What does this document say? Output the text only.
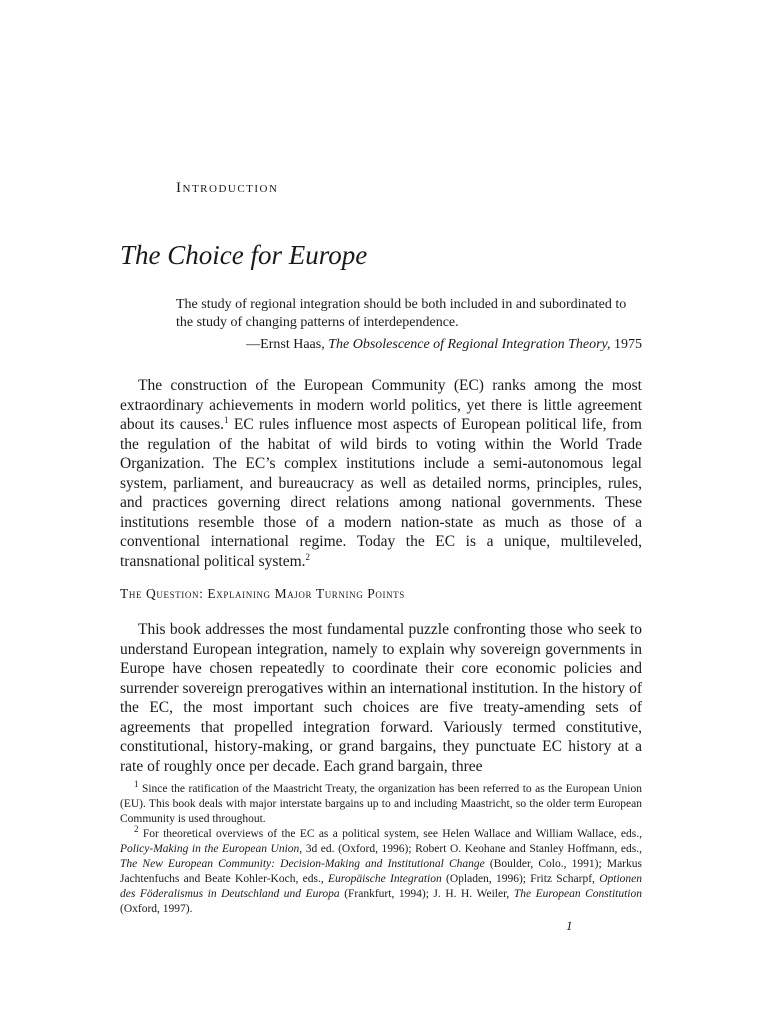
Introduction
The Choice for Europe
The study of regional integration should be both included in and subordinated to the study of changing patterns of interdependence.
—Ernst Haas, The Obsolescence of Regional Integration Theory, 1975
The construction of the European Community (EC) ranks among the most extraordinary achievements in modern world politics, yet there is little agreement about its causes.$^1$ EC rules influence most aspects of European political life, from the regulation of the habitat of wild birds to voting within the World Trade Organization. The EC’s complex institutions include a semi-autonomous legal system, parliament, and bureaucracy as well as detailed norms, principles, rules, and practices governing direct relations among national governments. These institutions resemble those of a modern nation-state as much as those of a conventional international regime. Today the EC is a unique, multileveled, transnational political system.$^2$
The Question: Explaining Major Turning Points
This book addresses the most fundamental puzzle confronting those who seek to understand European integration, namely to explain why sovereign governments in Europe have chosen repeatedly to coordinate their core economic policies and surrender sovereign prerogatives within an international institution. In the history of the EC, the most important such choices are five treaty-amending sets of agreements that propelled integration forward. Variously termed constitutive, constitutional, history-making, or grand bargains, they punctuate EC history at a rate of roughly once per decade. Each grand bargain, three

$^1$ Since the ratification of the Maastricht Treaty, the organization has been referred to as the European Union (EU). This book deals with major interstate bargains up to and including Maastricht, so the older term European Community is used throughout.

$^2$ For theoretical overviews of the EC as a political system, see Helen Wallace and William Wallace, eds., Policy-Making in the European Union, 3d ed. (Oxford, 1996); Robert O. Keohane and Stanley Hoffmann, eds., The New European Community: Decision-Making and Institutional Change (Boulder, Colo., 1991); Markus Jachtenfuchs and Beate Kohler-Koch, eds., Europäische Integration (Opladen, 1996); Fritz Scharpf, Optionen des Föderalismus in Deutschland und Europa (Frankfurt, 1994); J. H. H. Weiler, The European Constitution (Oxford, 1997).

1
